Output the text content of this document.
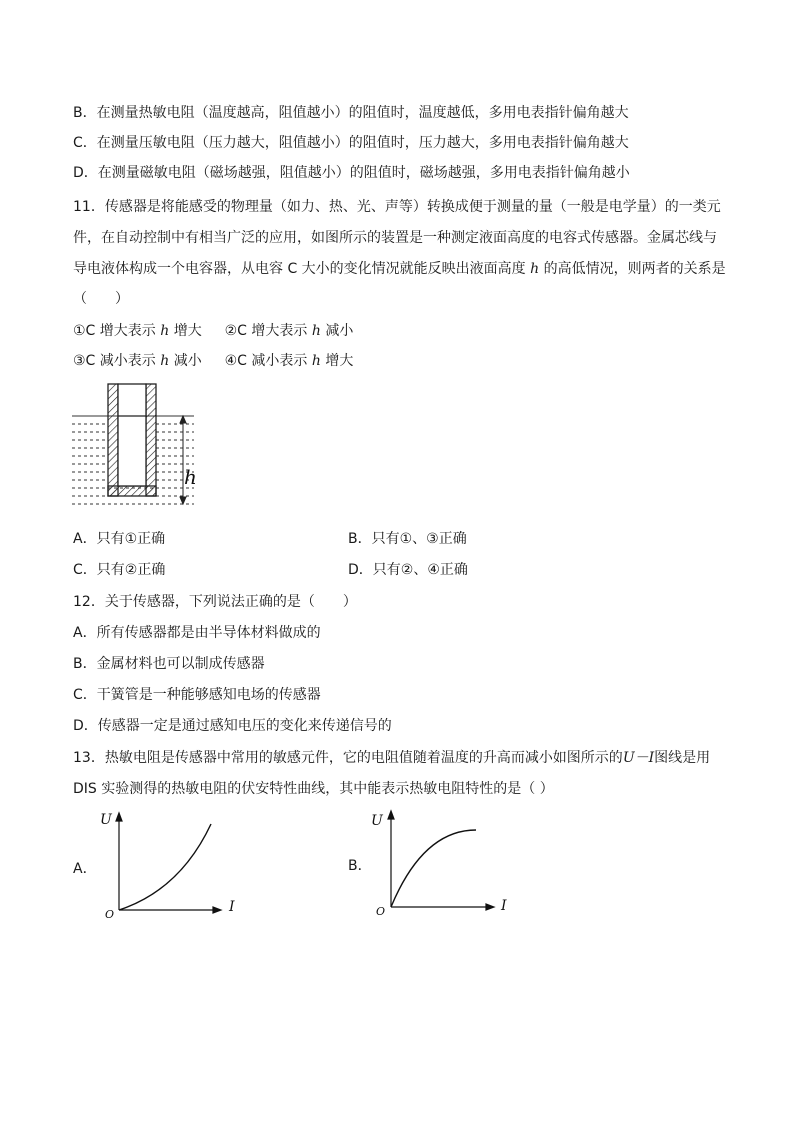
B．在测量热敏电阻（温度越高，阻值越小）的阻值时，温度越低，多用电表指针偏角越大
C．在测量压敏电阻（压力越大，阻值越小）的阻值时，压力越大，多用电表指针偏角越大
D．在测量磁敏电阻（磁场越强，阻值越小）的阻值时，磁场越强，多用电表指针偏角越小
11．传感器是将能感受的物理量（如力、热、光、声等）转换成便于测量的量（一般是电学量）的一类元
件，在自动控制中有相当广泛的应用，如图所示的装置是一种测定液面高度的电容式传感器。金属芯线与
导电液体构成一个电容器，从电容 C 大小的变化情况就能反映出液面高度 h 的高低情况，则两者的关系是
（　　）
①C 增大表示 h 增大 ②C 增大表示 h 减小
③C 减小表示 h 减小 ④C 减小表示 h 增大
h
A．只有①正确	B．只有①、③正确
C．只有②正确	D．只有②、④正确
12．关于传感器，下列说法正确的是（　　）
A．所有传感器都是由半导体材料做成的
B．金属材料也可以制成传感器
C．干簧管是一种能够感知电场的传感器
D．传感器一定是通过感知电压的变化来传递信号的
13．热敏电阻是传感器中常用的敏感元件，它的电阻值随着温度的升高而减小如图所示的U－I图线是用
DIS 实验测得的热敏电阻的伏安特性曲线，其中能表示热敏电阻特性的是（ ）
A．
U
I
O
B．
U
I
O
